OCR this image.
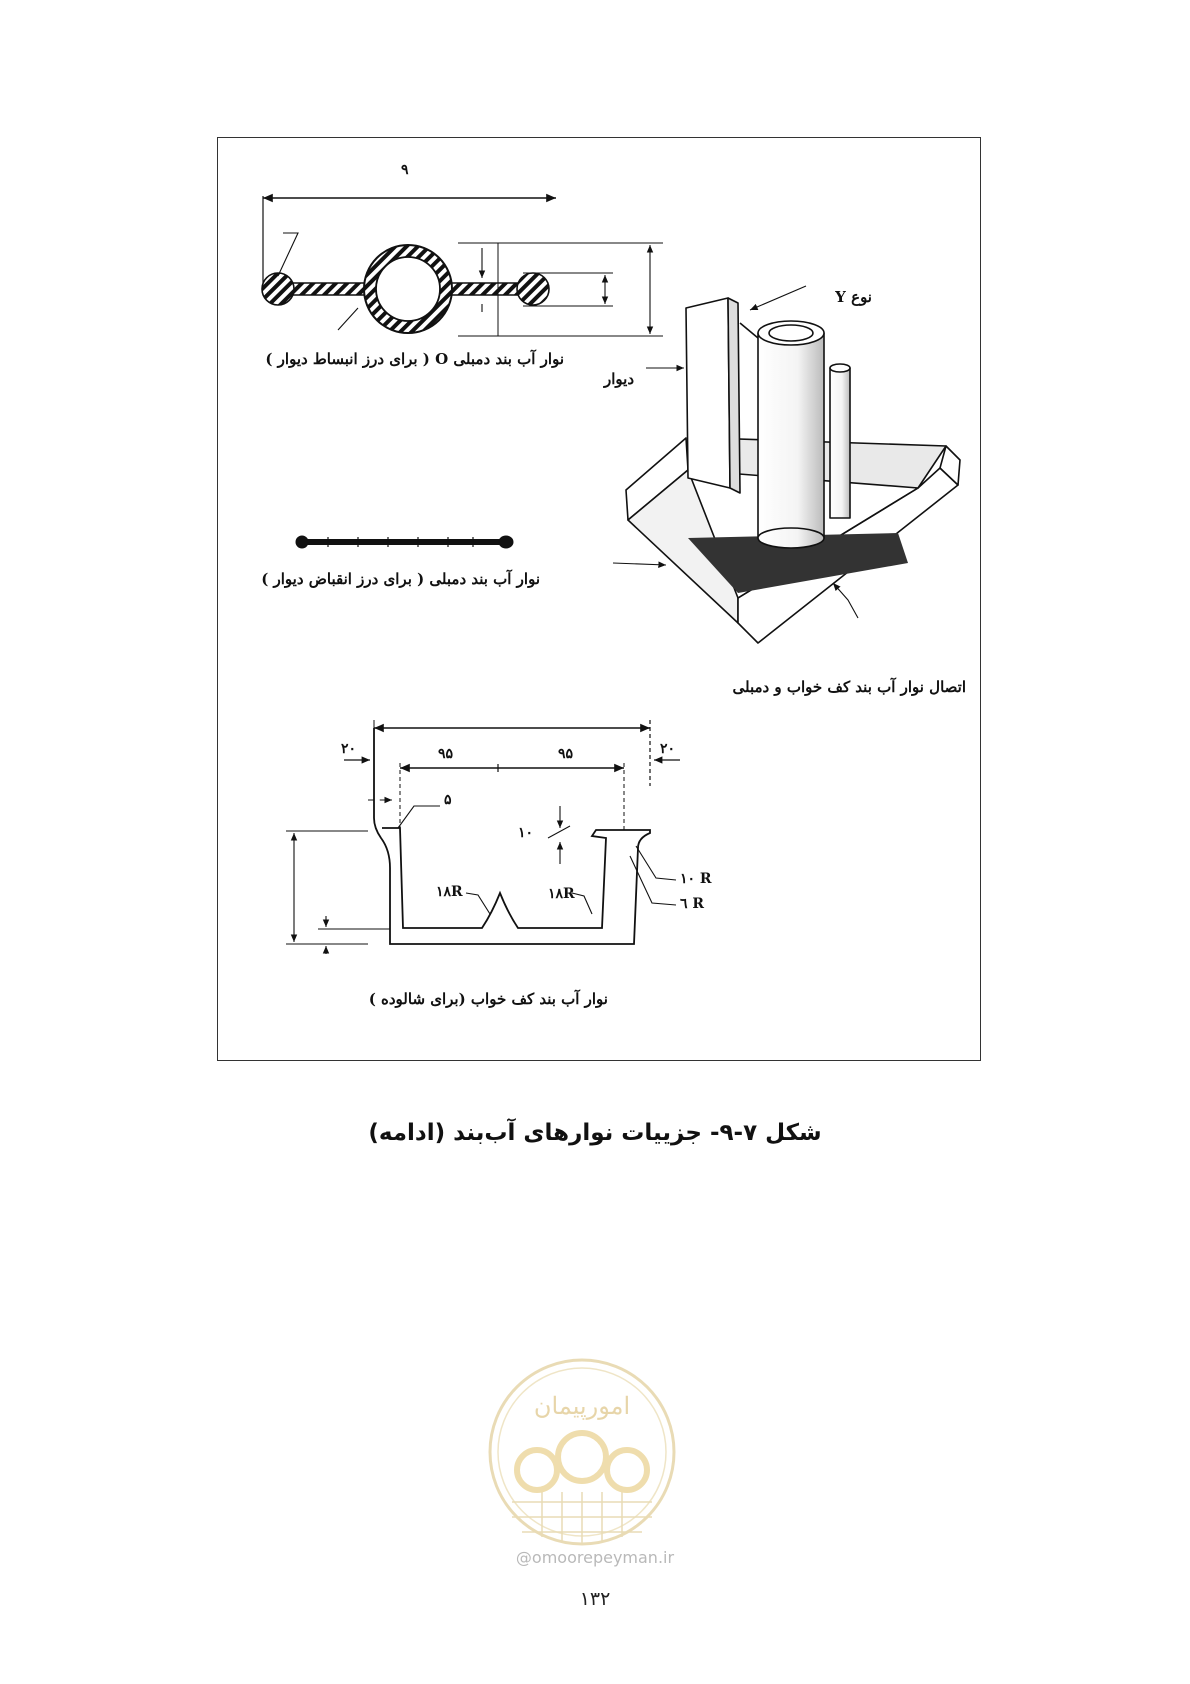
۹
نوار آب بند دمبلی O ( برای درز انبساط دیوار )
نوع Y
دیوار
نوار آب بند دمبلی ( برای درز انقباض دیوار )
اتصال نوار آب بند کف خواب و دمبلی
۲۰	۹۵	۹۵	۲۰
۵
۱۰
۱۸R	۱۸R
۱۰ R
٦ R
نوار آب بند کف خواب (برای شالوده )
شکل ۷-۹- جزییات نوارهای آب‌بند (ادامه)
امورپیمان
@omoorepeyman.ir
۱۳۲
